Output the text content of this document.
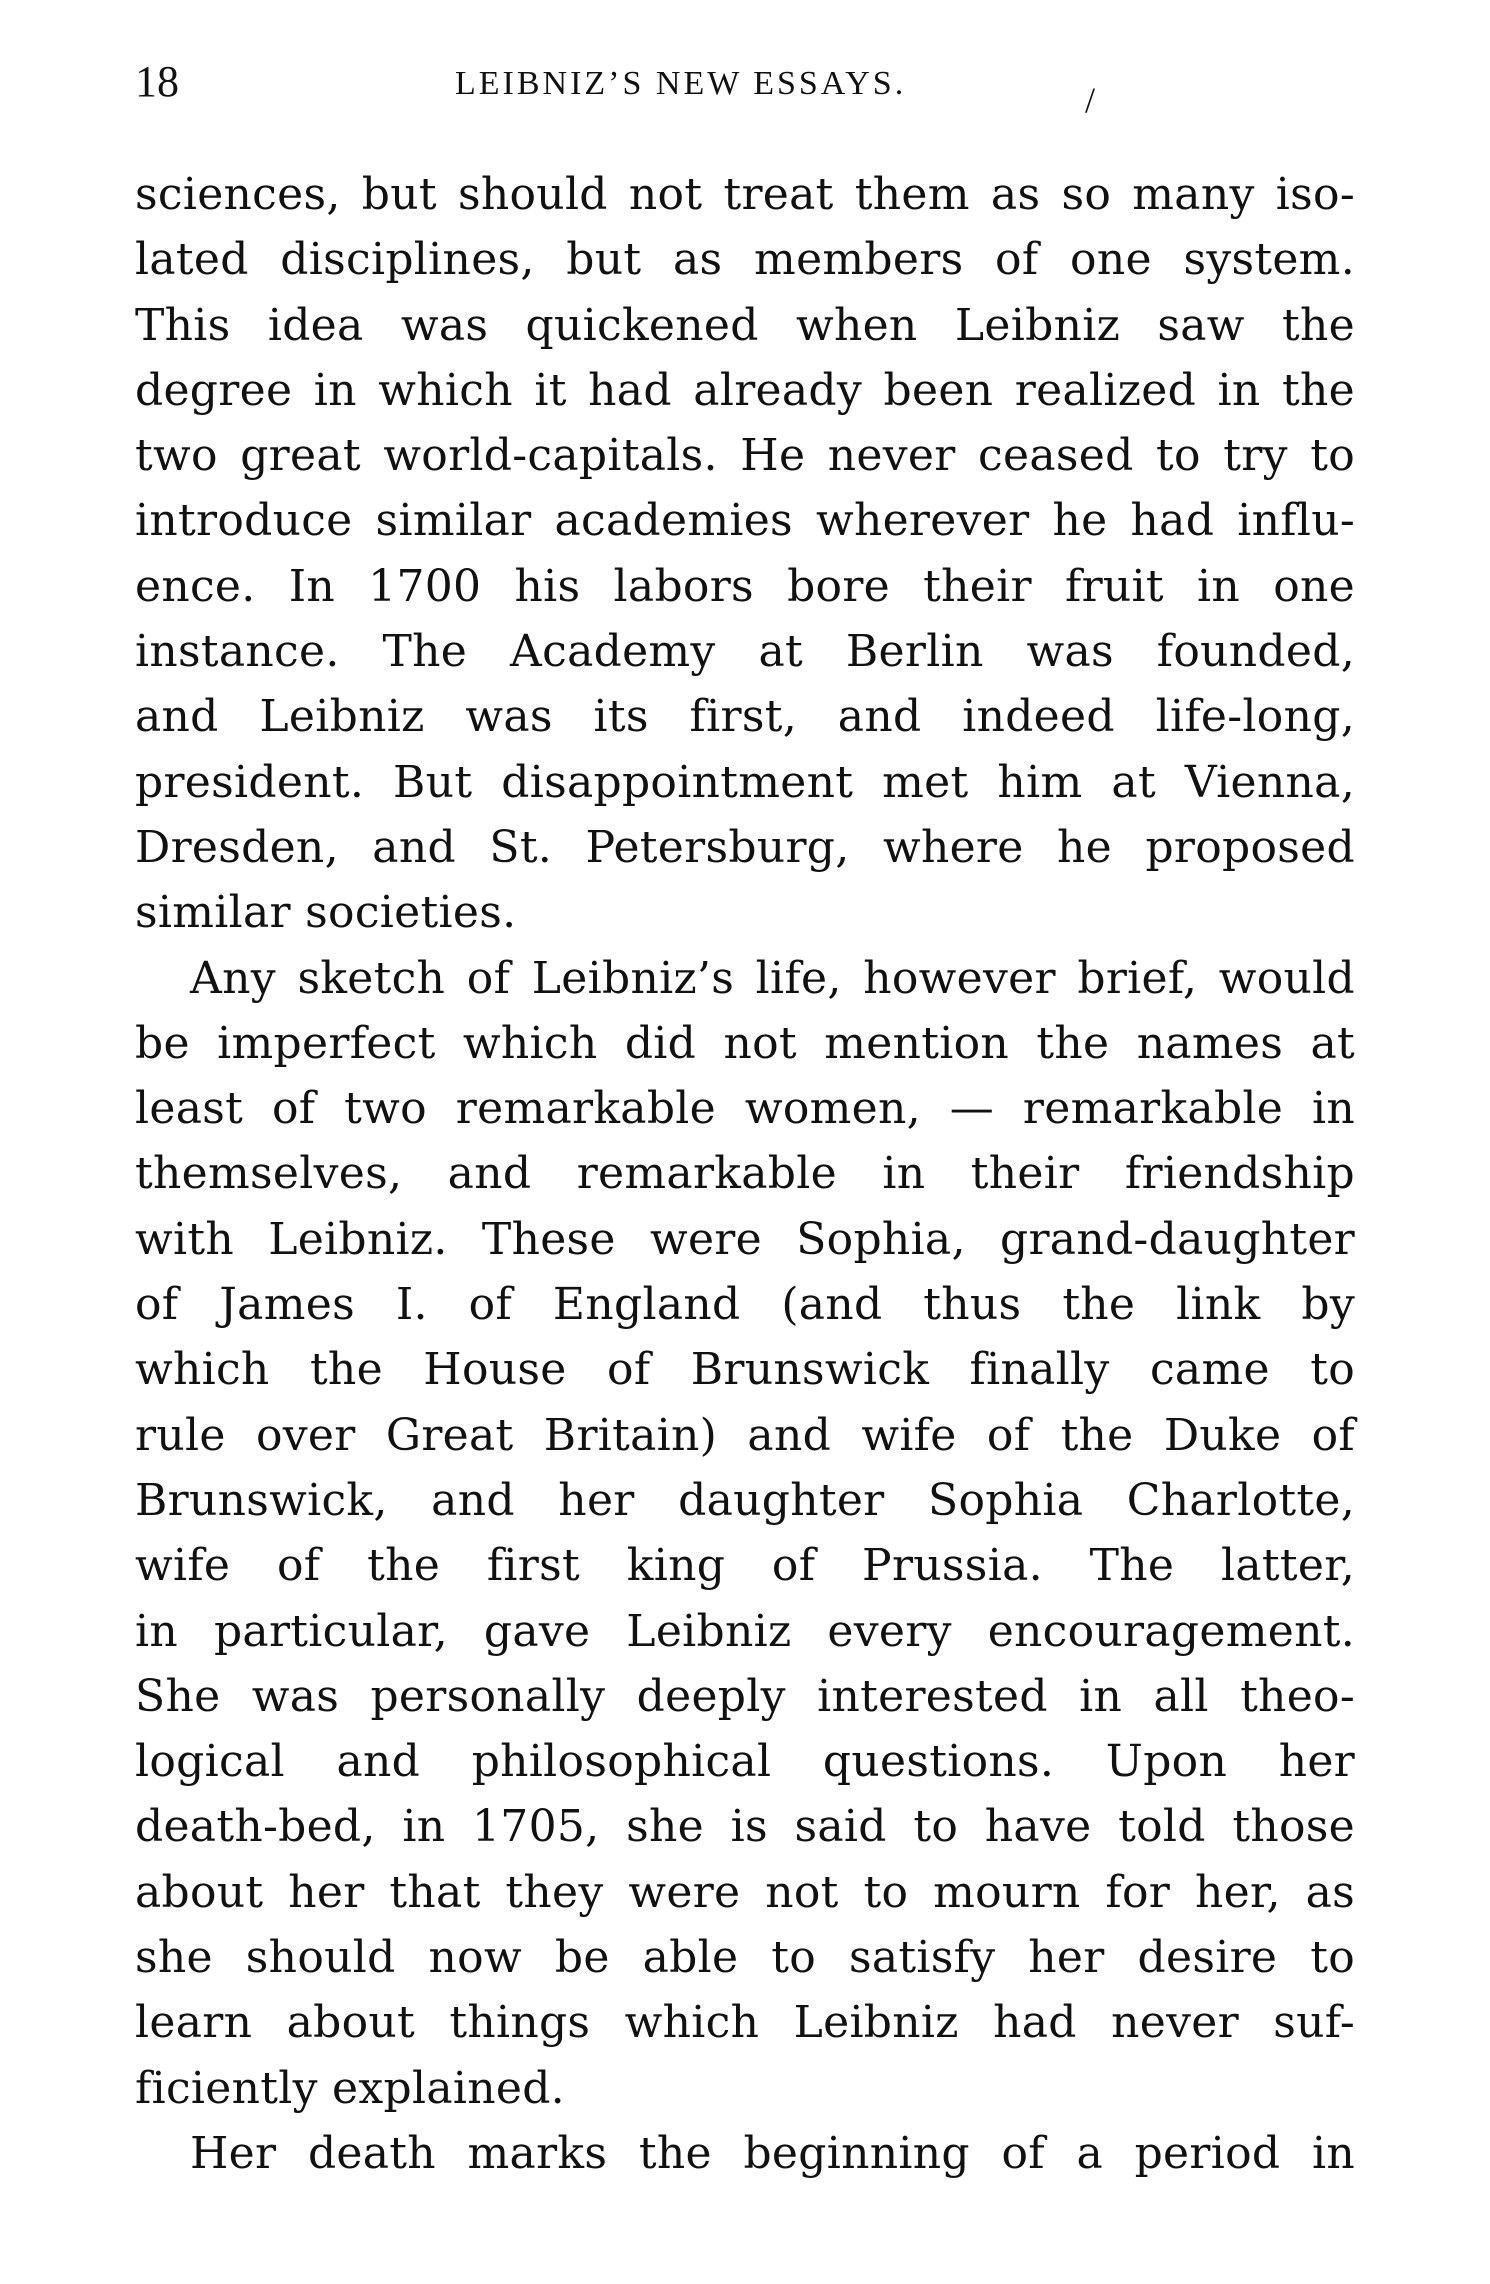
18	LEIBNIZ’S NEW ESSAYS.	/

sciences, but should not treat them as so many iso-
lated disciplines, but as members of one system.
This idea was quickened when Leibniz saw the
degree in which it had already been realized in the
two great world-capitals. He never ceased to try to
introduce similar academies wherever he had influ-
ence. In 1700 his labors bore their fruit in one
instance. The Academy at Berlin was founded,
and Leibniz was its first, and indeed life-long,
president. But disappointment met him at Vienna,
Dresden, and St. Petersburg, where he proposed
similar societies.

Any sketch of Leibniz’s life, however brief, would
be imperfect which did not mention the names at
least of two remarkable women, — remarkable in
themselves, and remarkable in their friendship
with Leibniz. These were Sophia, grand-daughter
of James I. of England (and thus the link by
which the House of Brunswick finally came to
rule over Great Britain) and wife of the Duke of
Brunswick, and her daughter Sophia Charlotte,
wife of the first king of Prussia. The latter,
in particular, gave Leibniz every encouragement.
She was personally deeply interested in all theo-
logical and philosophical questions. Upon her
death-bed, in 1705, she is said to have told those
about her that they were not to mourn for her, as
she should now be able to satisfy her desire to
learn about things which Leibniz had never suf-
ficiently explained.

Her death marks the beginning of a period in
